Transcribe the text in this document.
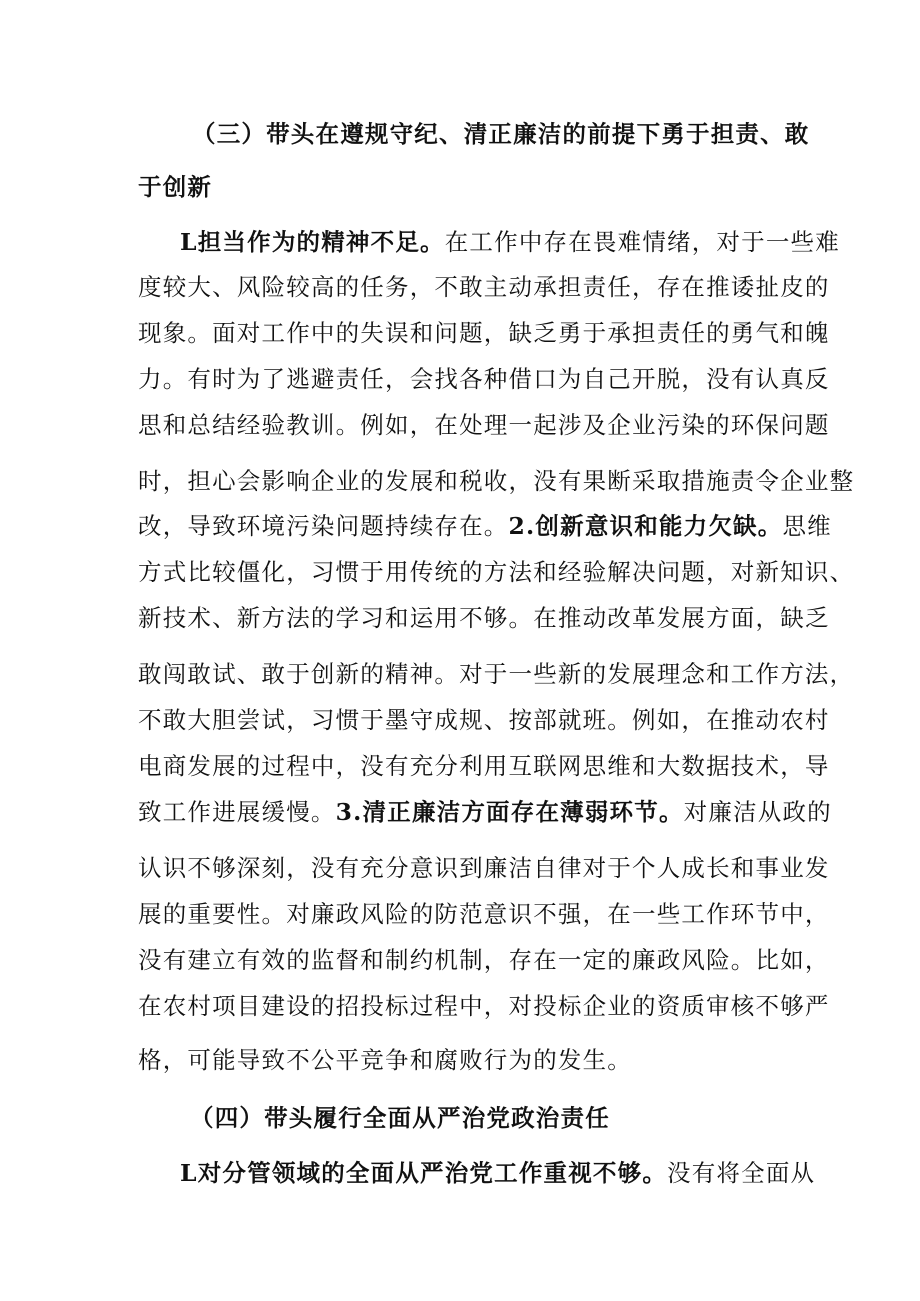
（三）带头在遵规守纪、清正廉洁的前提下勇于担责、敢
于创新
L担当作为的精神不足。在工作中存在畏难情绪，对于一些难
度较大、风险较高的任务，不敢主动承担责任，存在推诿扯皮的
现象。面对工作中的失误和问题，缺乏勇于承担责任的勇气和魄
力。有时为了逃避责任，会找各种借口为自己开脱，没有认真反
思和总结经验教训。例如，在处理一起涉及企业污染的环保问题
时，担心会影响企业的发展和税收，没有果断采取措施责令企业整
改，导致环境污染问题持续存在。2.创新意识和能力欠缺。思维
方式比较僵化，习惯于用传统的方法和经验解决问题，对新知识、
新技术、新方法的学习和运用不够。在推动改革发展方面，缺乏
敢闯敢试、敢于创新的精神。对于一些新的发展理念和工作方法，
不敢大胆尝试，习惯于墨守成规、按部就班。例如，在推动农村
电商发展的过程中，没有充分利用互联网思维和大数据技术，导
致工作进展缓慢。3.清正廉洁方面存在薄弱环节。对廉洁从政的
认识不够深刻，没有充分意识到廉洁自律对于个人成长和事业发
展的重要性。对廉政风险的防范意识不强，在一些工作环节中，
没有建立有效的监督和制约机制，存在一定的廉政风险。比如，
在农村项目建设的招投标过程中，对投标企业的资质审核不够严
格，可能导致不公平竞争和腐败行为的发生。
（四）带头履行全面从严治党政治责任
L对分管领域的全面从严治党工作重视不够。没有将全面从
